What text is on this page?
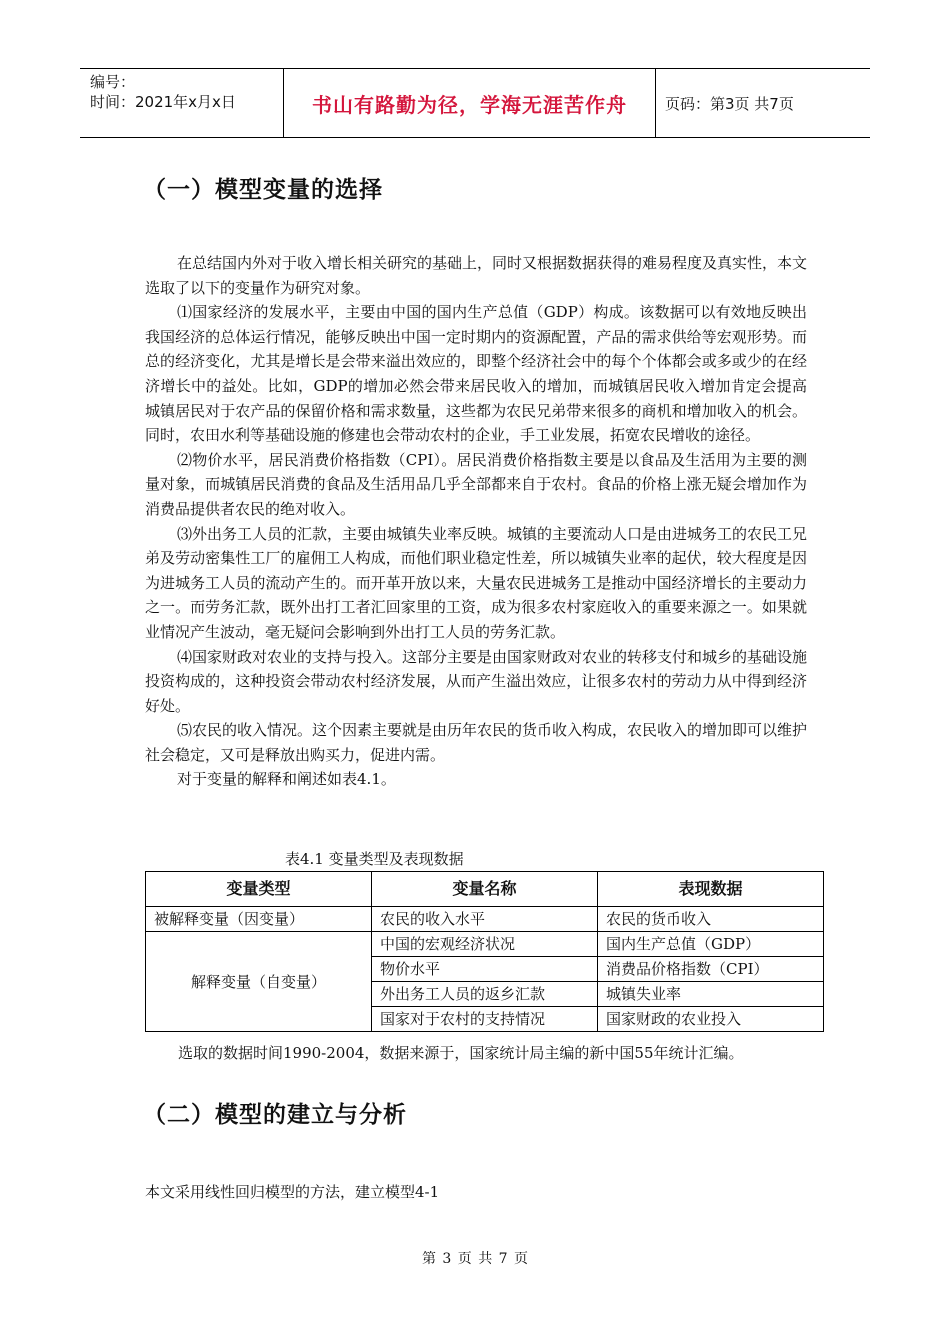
编号：
时间：2021年x月x日	书山有路勤为径，学海无涯苦作舟	页码：第3页 共7页
（一）模型变量的选择

在总结国内外对于收入增长相关研究的基础上，同时又根据数据获得的难易程度及真实性，本文选取了以下的变量作为研究对象。

⑴国家经济的发展水平，主要由中国的国内生产总值（GDP）构成。该数据可以有效地反映出我国经济的总体运行情况，能够反映出中国一定时期内的资源配置，产品的需求供给等宏观形势。而总的经济变化，尤其是增长是会带来溢出效应的，即整个经济社会中的每个个体都会或多或少的在经济增长中的益处。比如，GDP的增加必然会带来居民收入的增加，而城镇居民收入增加肯定会提高城镇居民对于农产品的保留价格和需求数量，这些都为农民兄弟带来很多的商机和增加收入的机会。同时，农田水利等基础设施的修建也会带动农村的企业，手工业发展，拓宽农民增收的途径。

⑵物价水平，居民消费价格指数（CPI）。居民消费价格指数主要是以食品及生活用为主要的测量对象，而城镇居民消费的食品及生活用品几乎全部都来自于农村。食品的价格上涨无疑会增加作为消费品提供者农民的绝对收入。

⑶外出务工人员的汇款，主要由城镇失业率反映。城镇的主要流动人口是由进城务工的农民工兄弟及劳动密集性工厂的雇佣工人构成，而他们职业稳定性差，所以城镇失业率的起伏，较大程度是因为进城务工人员的流动产生的。而开革开放以来，大量农民进城务工是推动中国经济增长的主要动力之一。而劳务汇款，既外出打工者汇回家里的工资，成为很多农村家庭收入的重要来源之一。如果就业情况产生波动，毫无疑问会影响到外出打工人员的劳务汇款。

⑷国家财政对农业的支持与投入。这部分主要是由国家财政对农业的转移支付和城乡的基础设施投资构成的，这种投资会带动农村经济发展，从而产生溢出效应，让很多农村的劳动力从中得到经济好处。

⑸农民的收入情况。这个因素主要就是由历年农民的货币收入构成，农民收入的增加即可以维护社会稳定，又可是释放出购买力，促进内需。

对于变量的解释和阐述如表4.1。

表4.1 变量类型及表现数据
变量类型	变量名称	表现数据
被解释变量（因变量）	农民的收入水平	农民的货币收入
解释变量（自变量）	中国的宏观经济状况	国内生产总值（GDP）
	物价水平	消费品价格指数（CPI）
	外出务工人员的返乡汇款	城镇失业率
	国家对于农村的支持情况	国家财政的农业投入
选取的数据时间1990-2004，数据来源于，国家统计局主编的新中国55年统计汇编。
（二）模型的建立与分析
本文采用线性回归模型的方法，建立模型4-1
第 3 页 共 7 页
